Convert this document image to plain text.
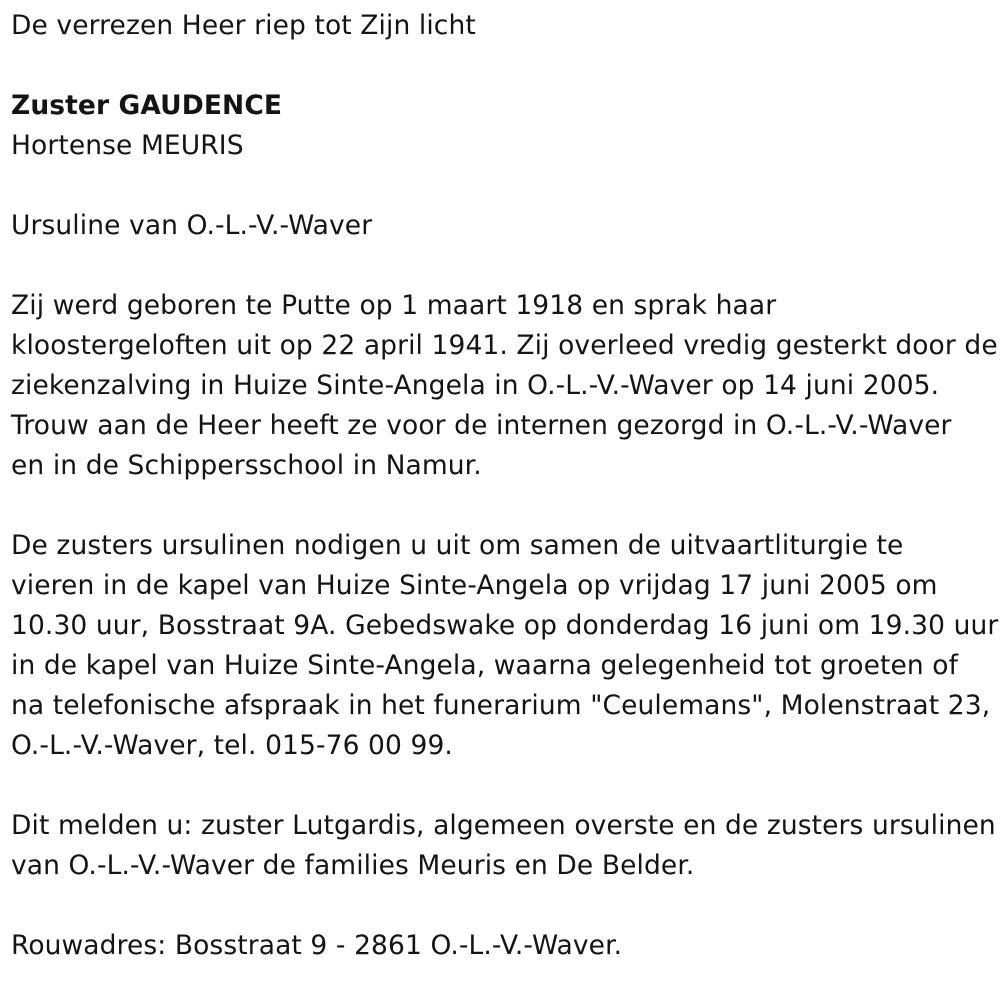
De verrezen Heer riep tot Zijn licht

Zuster GAUDENCE
Hortense MEURIS

Ursuline van O.-L.-V.-Waver

Zij werd geboren te Putte op 1 maart 1918 en sprak haar
kloostergeloften uit op 22 april 1941. Zij overleed vredig gesterkt door de
ziekenzalving in Huize Sinte-Angela in O.-L.-V.-Waver op 14 juni 2005.
Trouw aan de Heer heeft ze voor de internen gezorgd in O.-L.-V.-Waver
en in de Schippersschool in Namur.

De zusters ursulinen nodigen u uit om samen de uitvaartliturgie te
vieren in de kapel van Huize Sinte-Angela op vrijdag 17 juni 2005 om
10.30 uur, Bosstraat 9A. Gebedswake op donderdag 16 juni om 19.30 uur
in de kapel van Huize Sinte-Angela, waarna gelegenheid tot groeten of
na telefonische afspraak in het funerarium "Ceulemans", Molenstraat 23,
O.-L.-V.-Waver, tel. 015-76 00 99.

Dit melden u: zuster Lutgardis, algemeen overste en de zusters ursulinen
van O.-L.-V.-Waver de families Meuris en De Belder.

Rouwadres: Bosstraat 9 - 2861 O.-L.-V.-Waver.
